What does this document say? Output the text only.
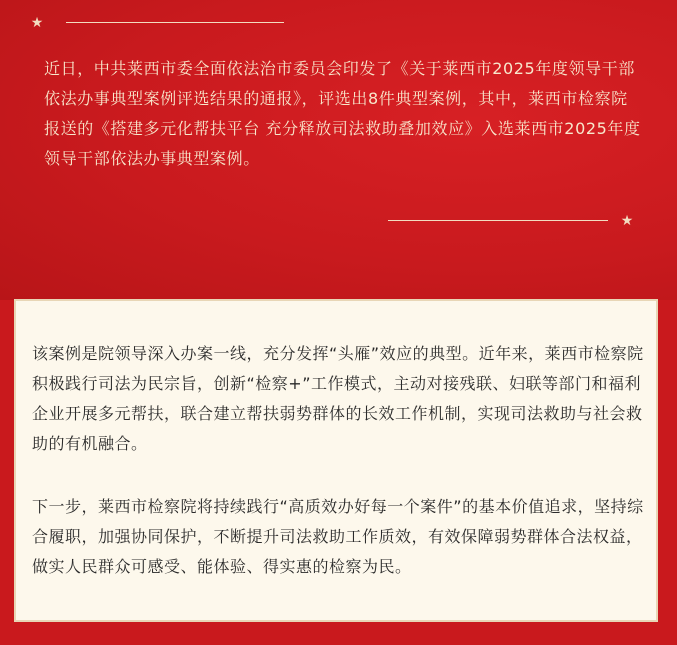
★

近日，中共莱西市委全面依法治市委员会印发了《关于莱西市2025年度领导干部依法办事典型案例评选结果的通报》，评选出8件典型案例，其中，莱西市检察院报送的《搭建多元化帮扶平台 充分释放司法救助叠加效应》入选莱西市2025年度领导干部依法办事典型案例。

★

该案例是院领导深入办案一线，充分发挥“头雁”效应的典型。近年来，莱西市检察院积极践行司法为民宗旨，创新“检察+”工作模式，主动对接残联、妇联等部门和福利企业开展多元帮扶，联合建立帮扶弱势群体的长效工作机制，实现司法救助与社会救助的有机融合。

下一步，莱西市检察院将持续践行“高质效办好每一个案件”的基本价值追求，坚持综合履职，加强协同保护，不断提升司法救助工作质效，有效保障弱势群体合法权益，做实人民群众可感受、能体验、得实惠的检察为民。
